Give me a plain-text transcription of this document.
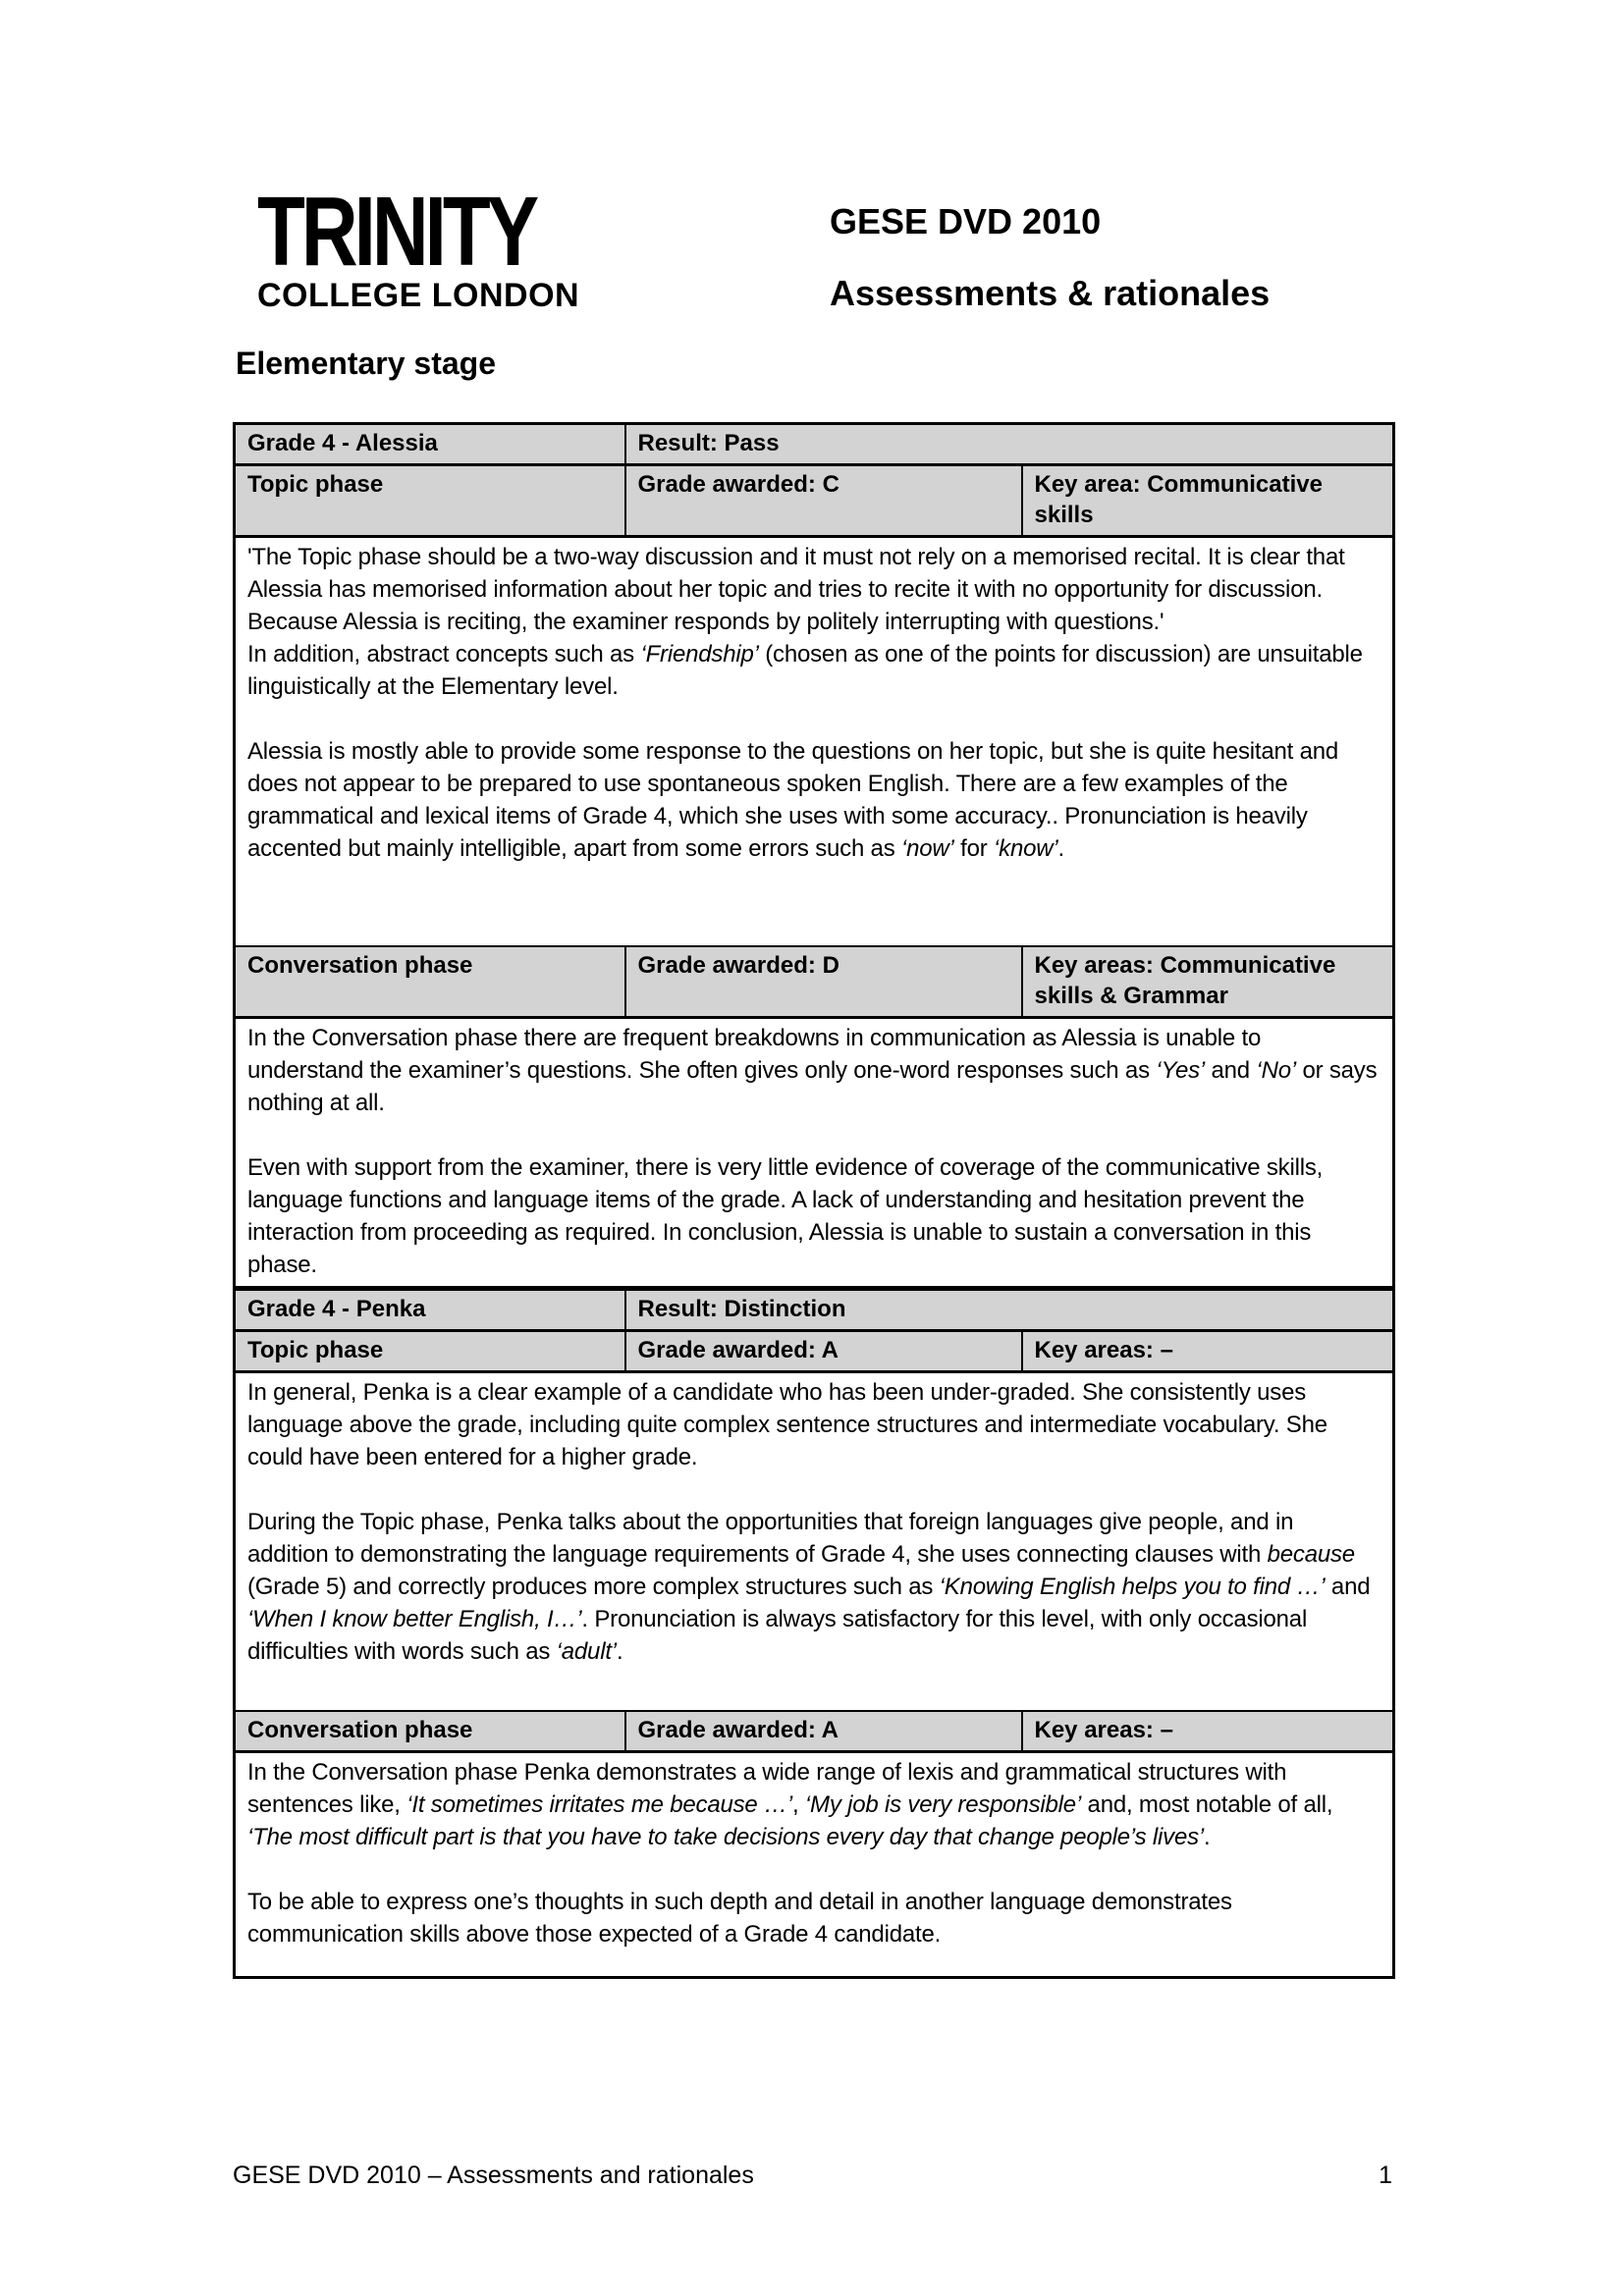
TRINITY
COLLEGE LONDON
GESE DVD 2010
Assessments & rationales
Elementary stage
Grade 4 - Alessia	Result: Pass	
Topic phase	Grade awarded: C	Key area: Communicative skills

'The Topic phase should be a two-way discussion and it must not rely on a memorised recital. It is clear that Alessia has memorised information about her topic and tries to recite it with no opportunity for discussion. Because Alessia is reciting, the examiner responds by politely interrupting with questions.'
In addition, abstract concepts such as ‘Friendship’ (chosen as one of the points for discussion) are unsuitable linguistically at the Elementary level.
Alessia is mostly able to provide some response to the questions on her topic, but she is quite hesitant and does not appear to be prepared to use spontaneous spoken English. There are a few examples of the grammatical and lexical items of Grade 4, which she uses with some accuracy.. Pronunciation is heavily accented but mainly intelligible, apart from some errors such as ‘now’ for ‘know’.		

Conversation phase	Grade awarded: D	Key areas: Communicative skills & Grammar

In the Conversation phase there are frequent breakdowns in communication as Alessia is unable to understand the examiner’s questions. She often gives only one-word responses such as ‘Yes’ and ‘No’ or says nothing at all.
Even with support from the examiner, there is very little evidence of coverage of the communicative skills, language functions and language items of the grade. A lack of understanding and hesitation prevent the interaction from proceeding as required. In conclusion, Alessia is unable to sustain a conversation in this phase.		
Grade 4 - Penka	Result: Distinction	
Topic phase	Grade awarded: A	Key areas: –

In general, Penka is a clear example of a candidate who has been under-graded. She consistently uses language above the grade, including quite complex sentence structures and intermediate vocabulary. She could have been entered for a higher grade.
During the Topic phase, Penka talks about the opportunities that foreign languages give people, and in addition to demonstrating the language requirements of Grade 4, she uses connecting clauses with because (Grade 5) and correctly produces more complex structures such as ‘Knowing English helps you to find …’ and ‘When I know better English, I…’. Pronunciation is always satisfactory for this level, with only occasional difficulties with words such as ‘adult’.		

Conversation phase	Grade awarded: A	Key areas: –

In the Conversation phase Penka demonstrates a wide range of lexis and grammatical structures with sentences like, ‘It sometimes irritates me because …’, ‘My job is very responsible’ and, most notable of all, ‘The most difficult part is that you have to take decisions every day that change people’s lives’.
To be able to express one’s thoughts in such depth and detail in another language demonstrates communication skills above those expected of a Grade 4 candidate.		
GESE DVD 2010 – Assessments and rationales	1
